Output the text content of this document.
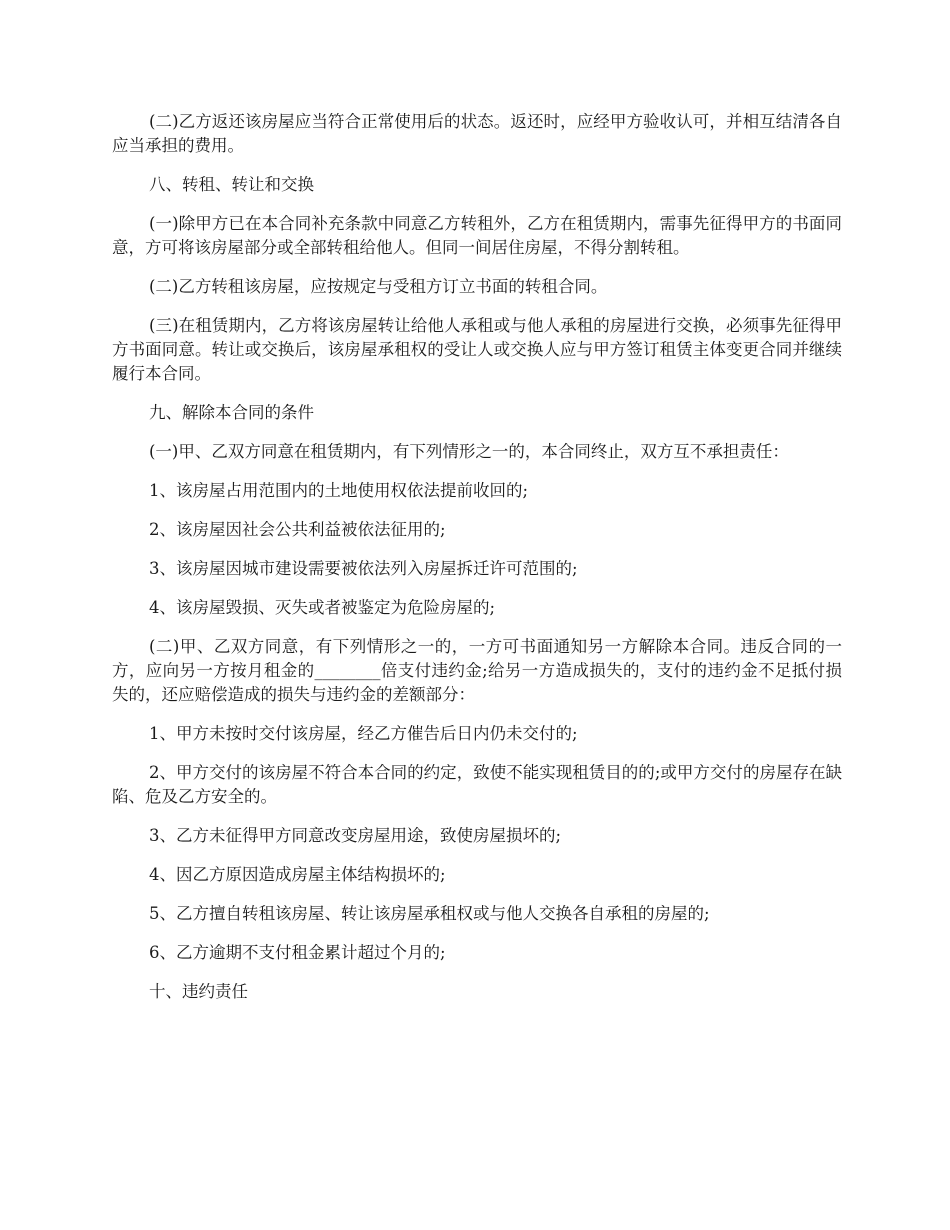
(二)乙方返还该房屋应当符合正常使用后的状态。返还时，应经甲方验收认可，并相互结清各自应当承担的费用。

八、转租、转让和交换

(一)除甲方已在本合同补充条款中同意乙方转租外，乙方在租赁期内，需事先征得甲方的书面同意，方可将该房屋部分或全部转租给他人。但同一间居住房屋，不得分割转租。

(二)乙方转租该房屋，应按规定与受租方订立书面的转租合同。

(三)在租赁期内，乙方将该房屋转让给他人承租或与他人承租的房屋进行交换，必须事先征得甲方书面同意。转让或交换后，该房屋承租权的受让人或交换人应与甲方签订租赁主体变更合同并继续履行本合同。

九、解除本合同的条件

(一)甲、乙双方同意在租赁期内，有下列情形之一的，本合同终止，双方互不承担责任：

1、该房屋占用范围内的土地使用权依法提前收回的;

2、该房屋因社会公共利益被依法征用的;

3、该房屋因城市建设需要被依法列入房屋拆迁许可范围的;

4、该房屋毁损、灭失或者被鉴定为危险房屋的;

(二)甲、乙双方同意，有下列情形之一的，一方可书面通知另一方解除本合同。违反合同的一方，应向另一方按月租金的________倍支付违约金;给另一方造成损失的，支付的违约金不足抵付损失的，还应赔偿造成的损失与违约金的差额部分：

1、甲方未按时交付该房屋，经乙方催告后日内仍未交付的;

2、甲方交付的该房屋不符合本合同的约定，致使不能实现租赁目的的;或甲方交付的房屋存在缺陷、危及乙方安全的。

3、乙方未征得甲方同意改变房屋用途，致使房屋损坏的;

4、因乙方原因造成房屋主体结构损坏的;

5、乙方擅自转租该房屋、转让该房屋承租权或与他人交换各自承租的房屋的;

6、乙方逾期不支付租金累计超过个月的;

十、违约责任
